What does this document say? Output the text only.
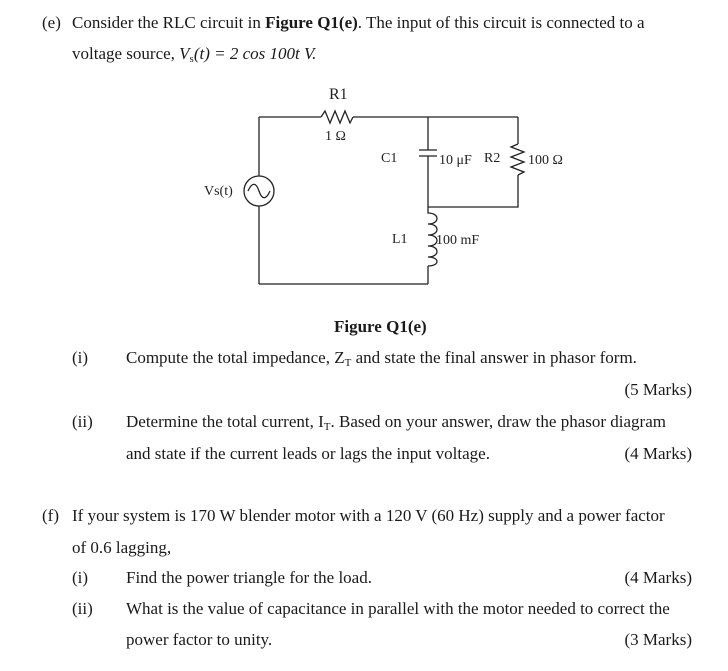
(e) Consider the RLC circuit in Figure Q1(e). The input of this circuit is connected to a
voltage source, $V_s(t) = 2$ cos 100t V.
R1
1 Ω
C1	10 μF R2 100 Ω
L1 100 mF
Vs(t)
Figure Q1(e)
(i) Compute the total impedance, $Z_T$ and state the final answer in phasor form.
(5 Marks)
(ii) Determine the total current, $I_T$. Based on your answer, draw the phasor diagram
and state if the current leads or lags the input voltage.	(4 Marks)
(f) If your system is 170 W blender motor with a 120 V (60 Hz) supply and a power factor
of 0.6 lagging,
(i) Find the power triangle for the load.	(4 Marks)
(ii) What is the value of capacitance in parallel with the motor needed to correct the
power factor to unity.	(3 Marks)
